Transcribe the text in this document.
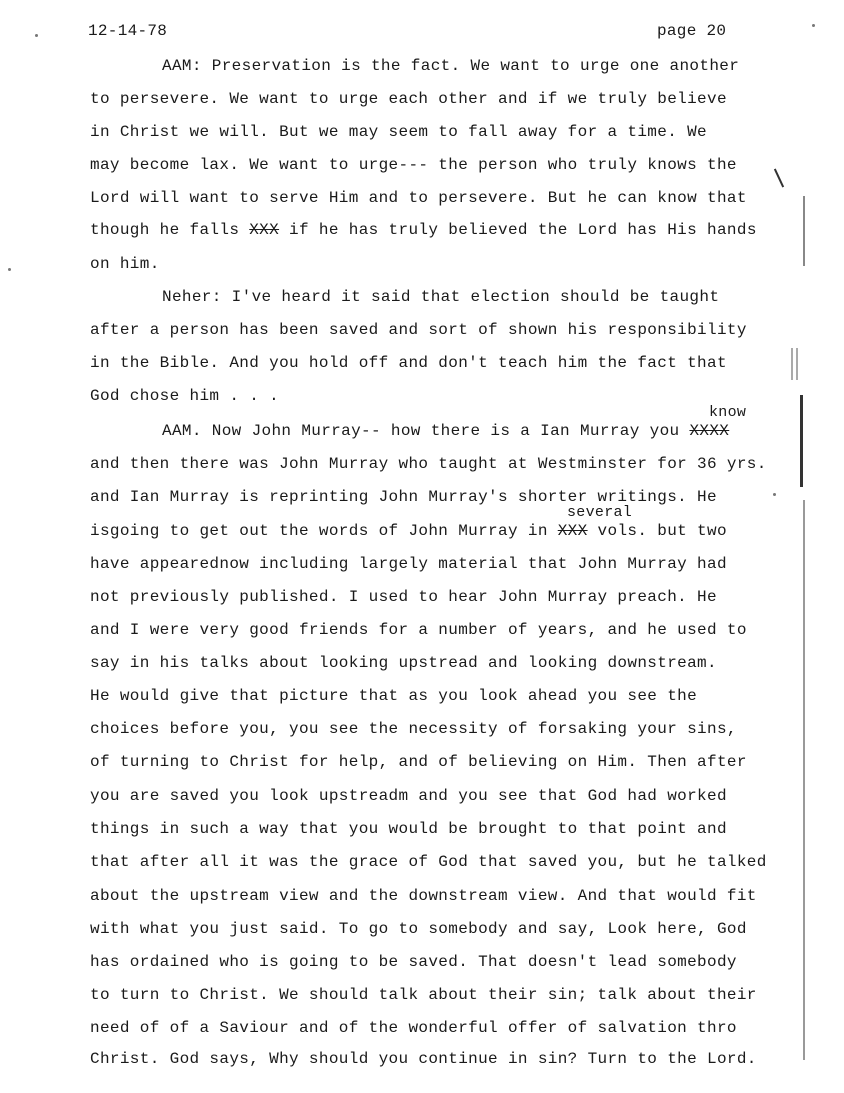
12-14-78	page 20
AAM: Preservation is the fact. We want to urge one another
to persevere. We want to urge each other and if we truly believe
in Christ we will. But we may seem to fall away for a time. We
may become lax. We want to urge--- the person who truly knows the
Lord will want to serve Him and to persevere. But he can know that
though he falls XXX if he has truly believed the Lord has His hands
on him.
Neher: I've heard it said that election should be taught
after a person has been saved and sort of shown his responsibility
in the Bible. And you hold off and don't teach him the fact that
God chose him . . .
know
AAM. Now John Murray-- how there is a Ian Murray you XXXX
and then there was John Murray who taught at Westminster for 36 yrs.
and Ian Murray is reprinting John Murray's shorter writings. He
several
isgoing to get out the words of John Murray in XXX vols. but two
have appearednow including largely material that John Murray had
not previously published. I used to hear John Murray preach. He
and I were very good friends for a number of years, and he used to
say in his talks about looking upstread and looking downstream.
He would give that picture that as you look ahead you see the
choices before you, you see the necessity of forsaking your sins,
of turning to Christ for help, and of believing on Him. Then after
you are saved you look upstreadm and you see that God had worked
things in such a way that you would be brought to that point and
that after all it was the grace of God that saved you, but he talked
about the upstream view and the downstream view. And that would fit
with what you just said. To go to somebody and say, Look here, God
has ordained who is going to be saved. That doesn't lead somebody
to turn to Christ. We should talk about their sin; talk about their
need of of a Saviour and of the wonderful offer of salvation thro
Christ. God says, Why should you continue in sin? Turn to the Lord.
